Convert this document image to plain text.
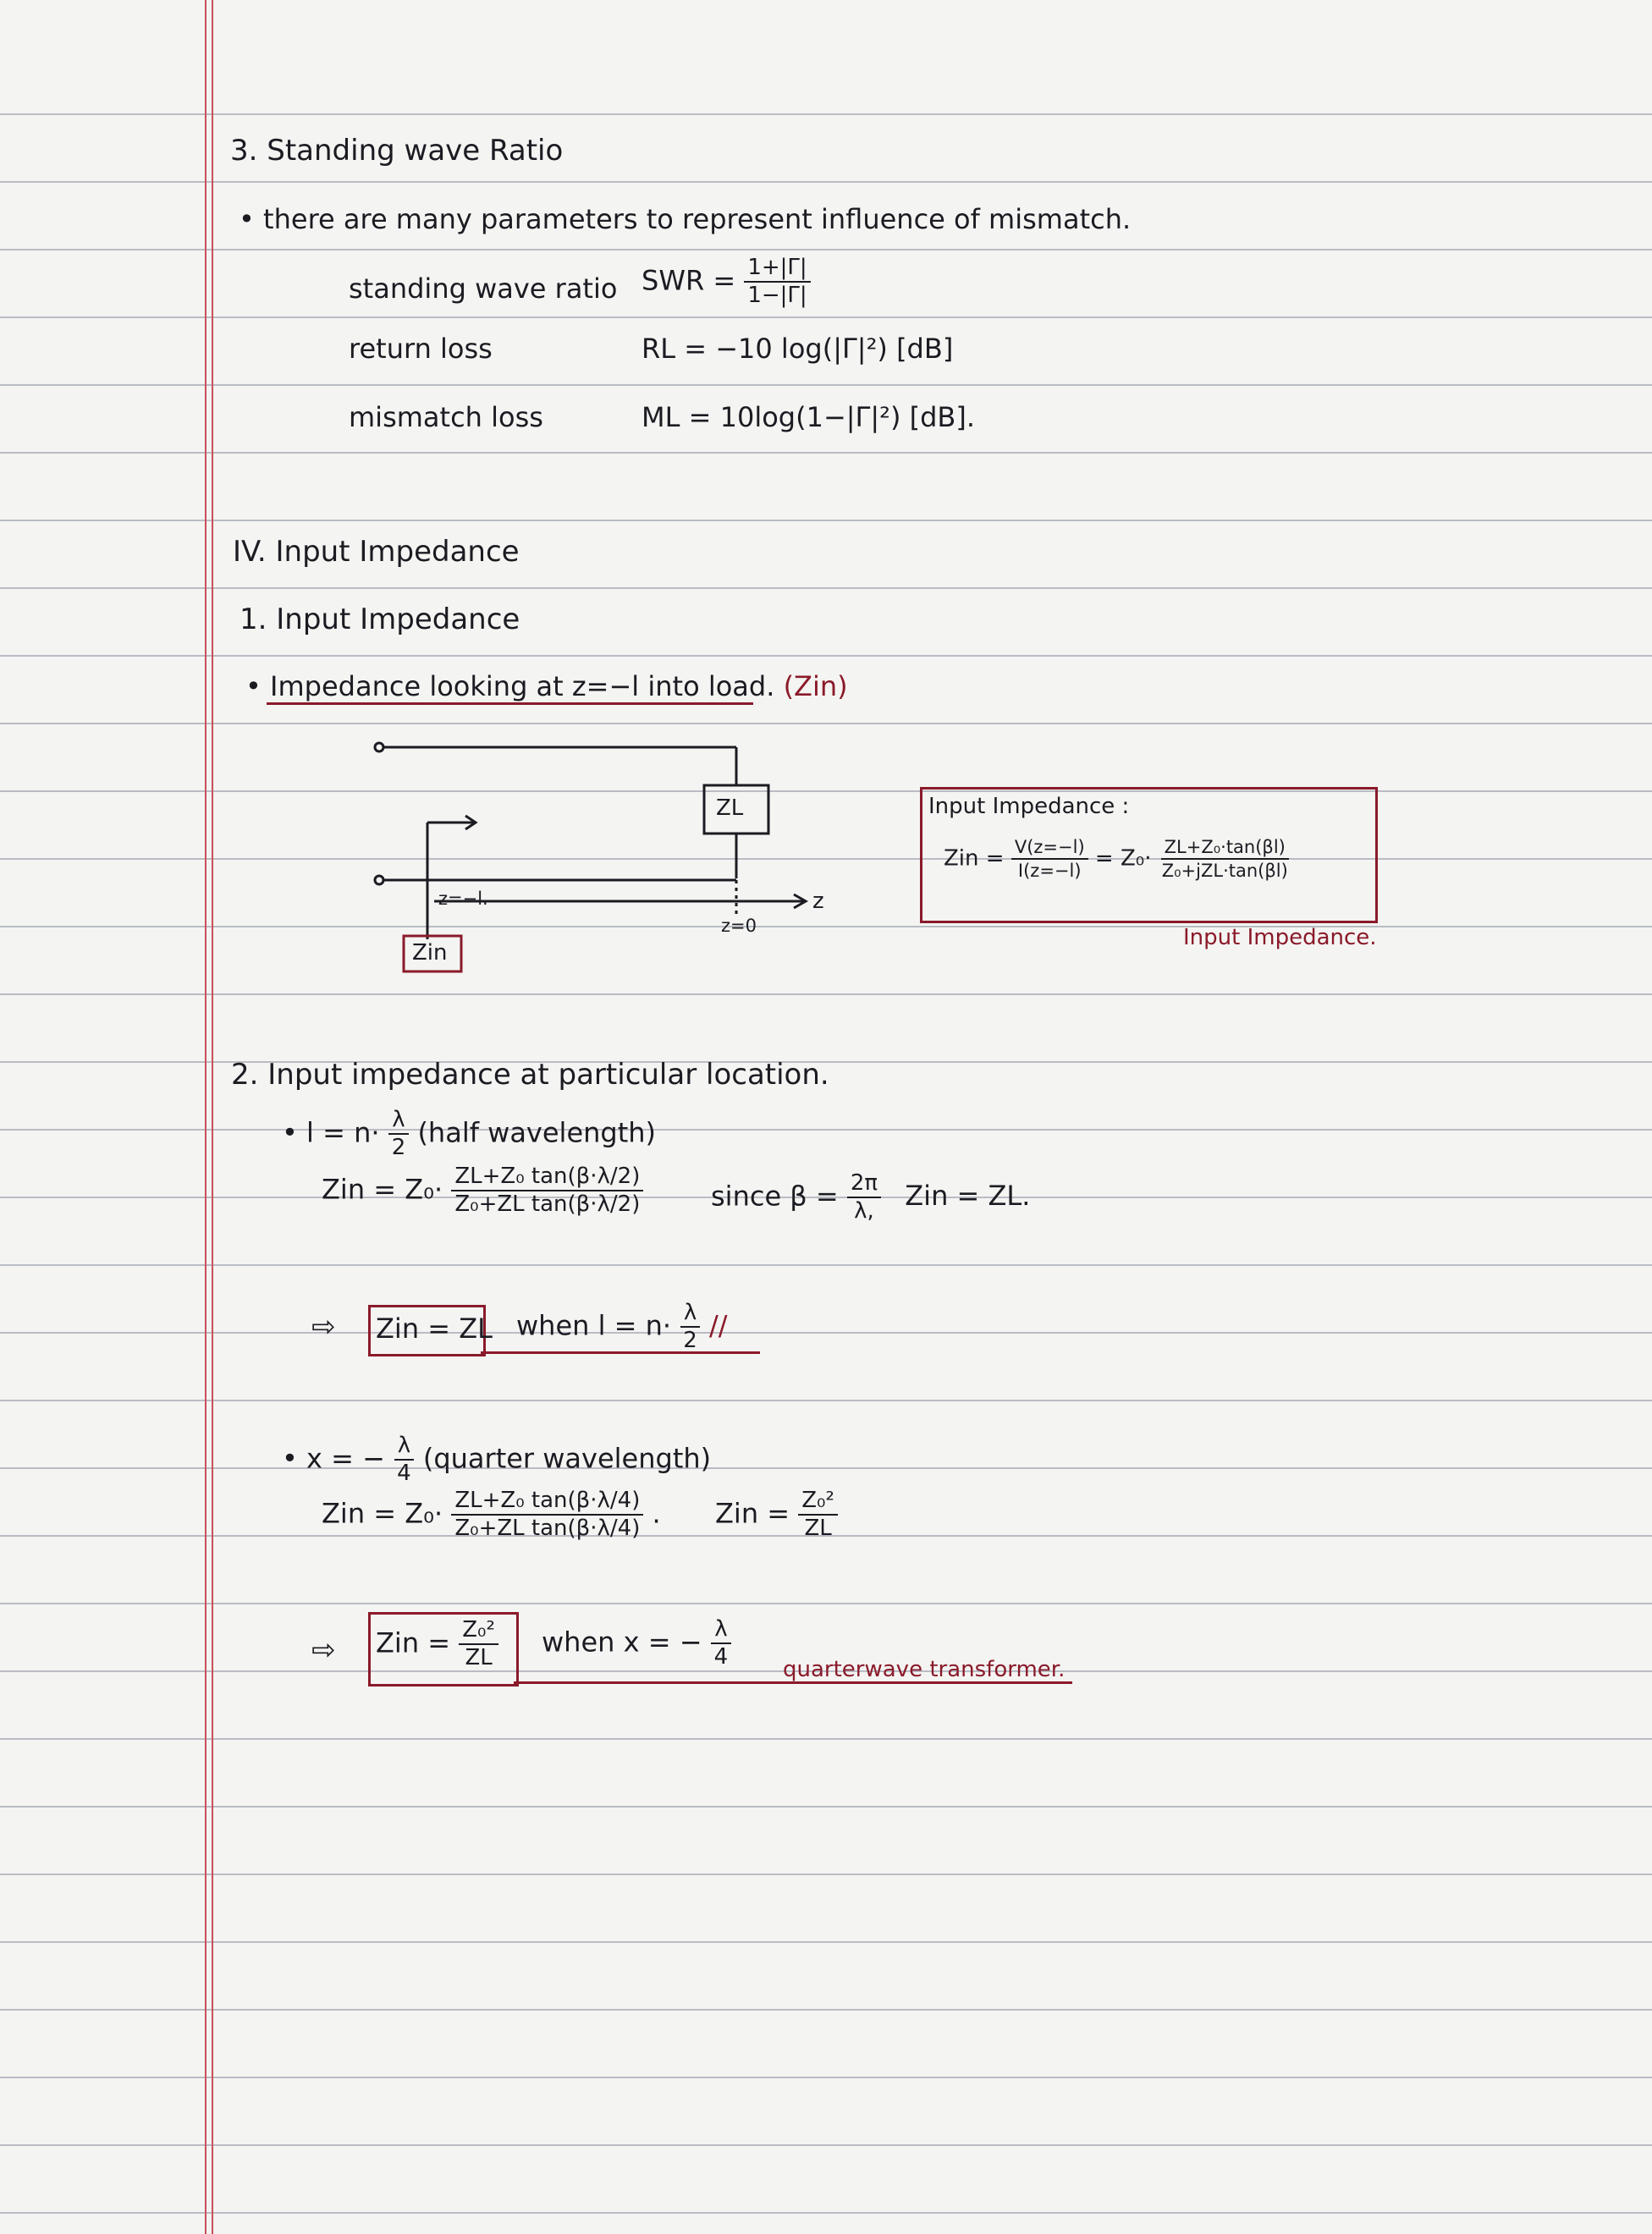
3. Standing wave Ratio
• there are many parameters to represent influence of mismatch.
standing wave ratio SWR = $\frac{1+|\Gamma|}{1-|\Gamma|}$
return loss	RL = −10 log(|Γ|²) [dB]
mismatch loss	ML = 10log(1−|Γ|²) [dB].
IV. Input Impedance
1. Input Impedance
• Impedance looking at z=−l into load. (Zin)
ZL
z=−l.
z=0
z
Zin
Input Impedance :
Zin = $\frac{V(z=-l)}{I(z=-l)} = Z_0\cdot \frac{\text{ZL+Z₀·tan(βl)}}{\text{Z₀+jZL·tan(βl)}}$
Input Impedance.
2. Input impedance at particular location.
• $l = n\cdot \frac{\lambda}{2}$ (half wavelength)
Zin = $Z_0\cdot \frac{\text{ZL+Z₀ tan(β·λ/2)}}{\text{Z₀+ZL tan(β·λ/2)}}$ since $\beta = \frac{2\pi}{\lambda,}$ Zin = ZL.
⇨ Zin = ZL when $l = n\cdot \frac{\lambda}{2}$ //
• x = − $\frac{\lambda}{4}$ (quarter wavelength)
Zin = $Z_0\cdot \frac{\text{ZL+Z₀ tan(β·λ/4)}}{\text{Z₀+ZL tan(β·λ/4)}}$ . Zin = $\frac{\text{Z₀²}}{ZL}$
⇨ Zin = $\frac{\text{Z₀²}}{ZL}$ when x = − $\frac{\lambda}{4}$
quarterwave transformer.
